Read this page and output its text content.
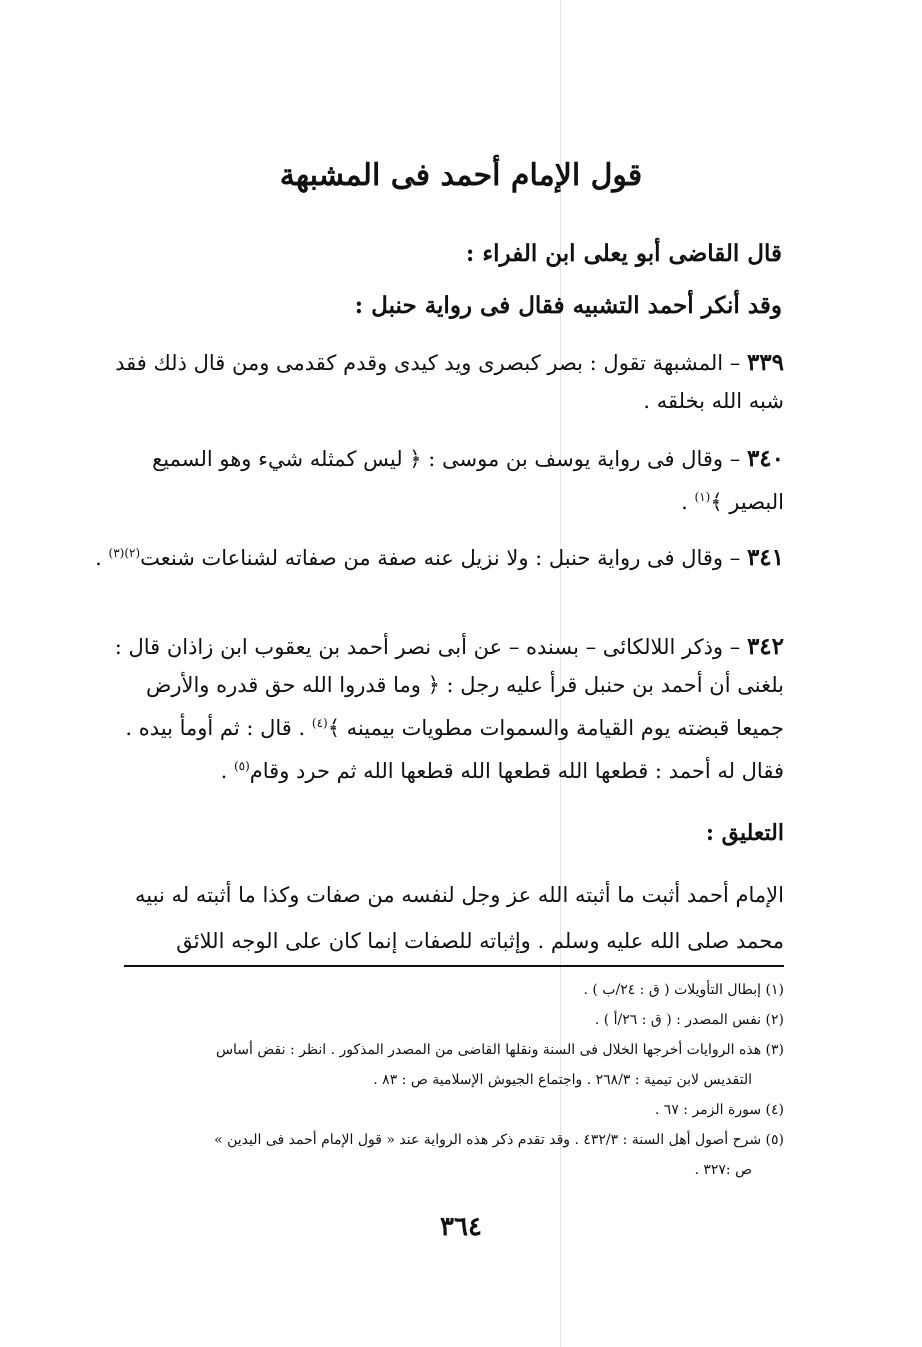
قول الإمام أحمد فى المشبهة
قال القاضى أبو يعلى ابن الفراء :
وقد أنكر أحمد التشبيه فقال فى رواية حنبل :
٣٣٩ – المشبهة تقول : بصر كبصرى ويد كيدى وقدم كقدمى ومن قال ذلك فقد شبه الله بخلقه .
٣٤٠ – وقال فى رواية يوسف بن موسى : ﴿ ليس كمثله شيء وهو السميع البصير ﴾$^{(١)}$ .
٣٤١ – وقال فى رواية حنبل : ولا نزيل عنه صفة من صفاته لشناعات شنعت$^{(٢)(٣)}$ .
٣٤٢ – وذكر اللالكائى – بسنده – عن أبى نصر أحمد بن يعقوب ابن زاذان قال : بلغنى أن أحمد بن حنبل قرأ عليه رجل : ﴿ وما قدروا الله حق قدره والأرض جميعا قبضته يوم القيامة والسموات مطويات بيمينه ﴾$^{(٤)}$ . قال : ثم أومأ بيده . فقال له أحمد : قطعها الله قطعها الله قطعها الله ثم حرد وقام$^{(٥)}$ .
التعليق :
الإمام أحمد أثبت ما أثبته الله عز وجل لنفسه من صفات وكذا ما أثبته له نبيه محمد صلى الله عليه وسلم . وإثباته للصفات إنما كان على الوجه اللائق
(١) إبطال التأويلات ( ق : ٢٤/ب ) .
(٢) نفس المصدر : ( ق : ٢٦/أ ) .
(٣) هذه الروايات أخرجها الخلال فى السنة ونقلها القاضى من المصدر المذكور . انظر : نقض أساس
التقديس لابن تيمية : ٢٦٨/٣ . واجتماع الجيوش الإسلامية ص : ٨٣ .
(٤) سورة الزمر : ٦٧ .
(٥) شرح أصول أهل السنة : ٤٣٢/٣ . وقد تقدم ذكر هذه الرواية عند « قول الإمام أحمد فى اليدين »
ص :٣٢٧ .
٣٦٤
